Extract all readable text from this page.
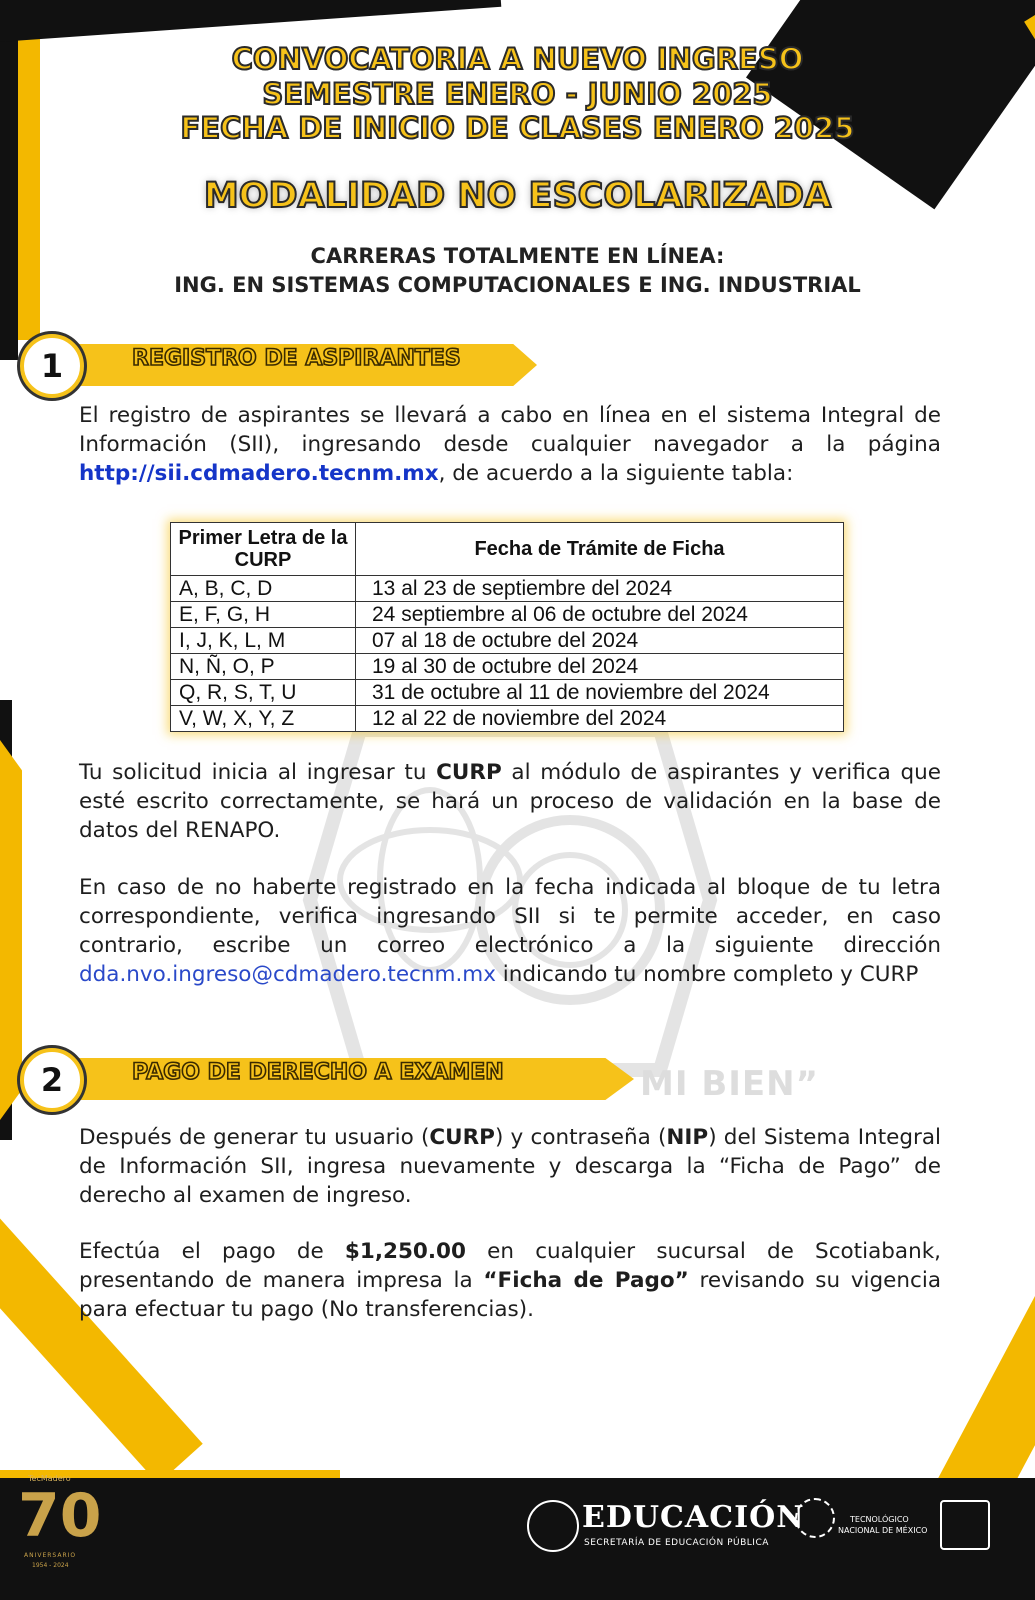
MI BIEN”
CONVOCATORIA A NUEVO INGRESO
SEMESTRE ENERO - JUNIO 2025
FECHA DE INICIO DE CLASES ENERO 2025
MODALIDAD NO ESCOLARIZADA
CARRERAS TOTALMENTE EN LÍNEA:
ING. EN SISTEMAS COMPUTACIONALES E ING. INDUSTRIAL
1	REGISTRO DE ASPIRANTES
El registro de aspirantes se llevará a cabo en línea en el sistema Integral de Información (SII), ingresando desde cualquier navegador a la página http://sii.cdmadero.tecnm.mx, de acuerdo a la siguiente tabla:
Primer Letra de la CURP	Fecha de Trámite de Ficha
A, B, C, D	13 al 23 de septiembre del 2024
E, F, G, H	24 septiembre al 06 de octubre del 2024
I, J, K, L, M	07 al 18 de octubre del 2024
N, Ñ, O, P	19 al 30 de octubre del 2024
Q, R, S, T, U	31 de octubre al 11 de noviembre del 2024
V, W, X, Y, Z	12 al 22 de noviembre del 2024
Tu solicitud inicia al ingresar tu CURP al módulo de aspirantes y verifica que esté escrito correctamente, se hará un proceso de validación en la base de datos del RENAPO.
En caso de no haberte registrado en la fecha indicada al bloque de tu letra correspondiente, verifica ingresando SII si te permite acceder, en caso contrario, escribe un correo electrónico a la siguiente dirección dda.nvo.ingreso@cdmadero.tecnm.mx indicando tu nombre completo y CURP
2	PAGO DE DERECHO A EXAMEN
Después de generar tu usuario (CURP) y contraseña (NIP) del Sistema Integral de Información SII, ingresa nuevamente y descarga la “Ficha de Pago” de derecho al examen de ingreso.
Efectúa el pago de $1,250.00 en cualquier sucursal de Scotiabank, presentando de manera impresa la “Ficha de Pago” revisando su vigencia para efectuar tu pago (No transferencias).
TecMadero
70
ANIVERSARIO
1954 - 2024
EDUCACIÓN
SECRETARÍA DE EDUCACIÓN PÚBLICA
TECNOLÓGICO
NACIONAL DE MÉXICO
